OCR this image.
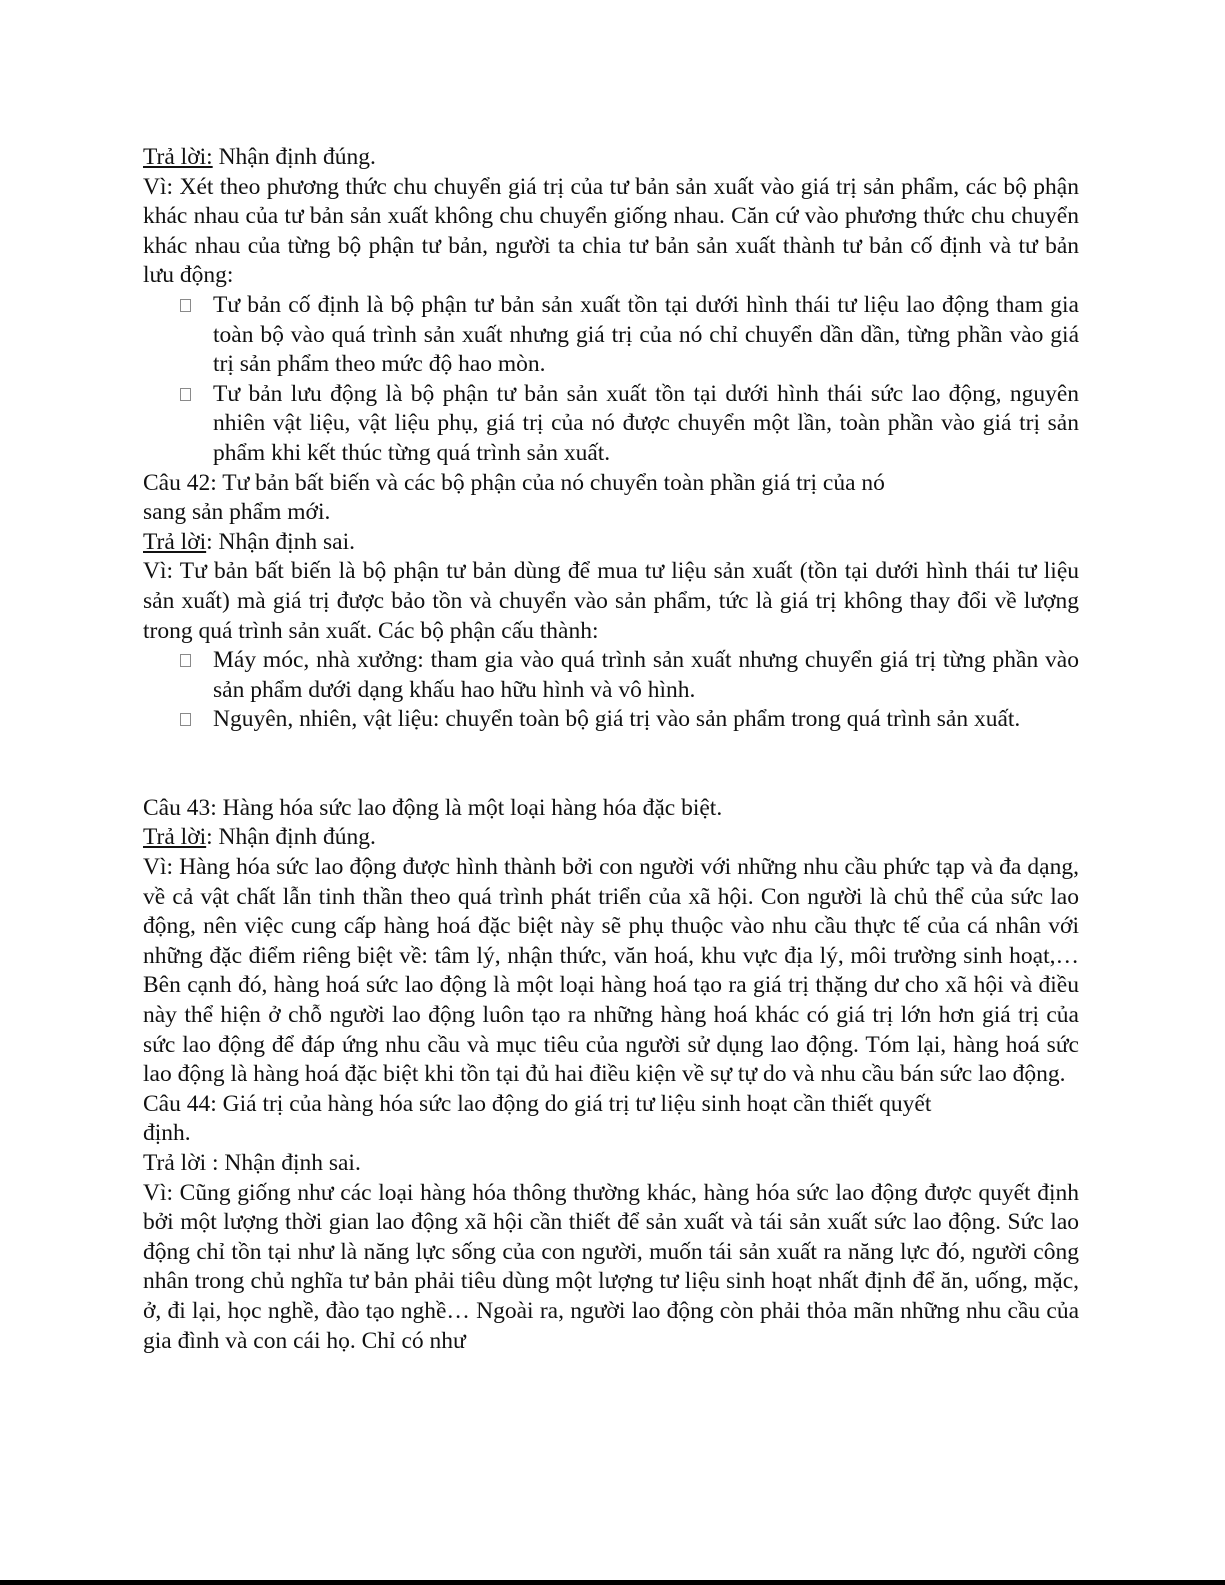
Trả lời: Nhận định đúng.

Vì: Xét theo phương thức chu chuyển giá trị của tư bản sản xuất vào giá trị sản phẩm, các bộ phận khác nhau của tư bản sản xuất không chu chuyển giống nhau. Căn cứ vào phương thức chu chuyển khác nhau của từng bộ phận tư bản, người ta chia tư bản sản xuất thành tư bản cố định và tư bản lưu động:

Tư bản cố định là bộ phận tư bản sản xuất tồn tại dưới hình thái tư liệu lao động tham gia toàn bộ vào quá trình sản xuất nhưng giá trị của nó chỉ chuyển dần dần, từng phần vào giá trị sản phẩm theo mức độ hao mòn.
Tư bản lưu động là bộ phận tư bản sản xuất tồn tại dưới hình thái sức lao động, nguyên nhiên vật liệu, vật liệu phụ, giá trị của nó được chuyển một lần, toàn phần vào giá trị sản phẩm khi kết thúc từng quá trình sản xuất.

Câu 42: Tư bản bất biến và các bộ phận của nó chuyển toàn phần giá trị của nó

sang sản phẩm mới.

Trả lời: Nhận định sai.

Vì: Tư bản bất biến là bộ phận tư bản dùng để mua tư liệu sản xuất (tồn tại dưới hình thái tư liệu sản xuất) mà giá trị được bảo tồn và chuyển vào sản phẩm, tức là giá trị không thay đổi về lượng trong quá trình sản xuất. Các bộ phận cấu thành:

Máy móc, nhà xưởng: tham gia vào quá trình sản xuất nhưng chuyển giá trị từng phần vào sản phẩm dưới dạng khấu hao hữu hình và vô hình.
Nguyên, nhiên, vật liệu: chuyển toàn bộ giá trị vào sản phẩm trong quá trình sản xuất.

Câu 43: Hàng hóa sức lao động là một loại hàng hóa đặc biệt.

Trả lời: Nhận định đúng.

Vì: Hàng hóa sức lao động được hình thành bởi con người với những nhu cầu phức tạp và đa dạng, về cả vật chất lẫn tinh thần theo quá trình phát triển của xã hội. Con người là chủ thể của sức lao động, nên việc cung cấp hàng hoá đặc biệt này sẽ phụ thuộc vào nhu cầu thực tế của cá nhân với những đặc điểm riêng biệt về: tâm lý, nhận thức, văn hoá, khu vực địa lý, môi trường sinh hoạt,…Bên cạnh đó, hàng hoá sức lao động là một loại hàng hoá tạo ra giá trị thặng dư cho xã hội và điều này thể hiện ở chỗ người lao động luôn tạo ra những hàng hoá khác có giá trị lớn hơn giá trị của sức lao động để đáp ứng nhu cầu và mục tiêu của người sử dụng lao động. Tóm lại, hàng hoá sức lao động là hàng hoá đặc biệt khi tồn tại đủ hai điều kiện về sự tự do và nhu cầu bán sức lao động.

Câu 44: Giá trị của hàng hóa sức lao động do giá trị tư liệu sinh hoạt cần thiết quyết

định.

Trả lời : Nhận định sai.

Vì: Cũng giống như các loại hàng hóa thông thường khác, hàng hóa sức lao động được quyết định bởi một lượng thời gian lao động xã hội cần thiết để sản xuất và tái sản xuất sức lao động. Sức lao động chỉ tồn tại như là năng lực sống của con người, muốn tái sản xuất ra năng lực đó, người công nhân trong chủ nghĩa tư bản phải tiêu dùng một lượng tư liệu sinh hoạt nhất định để ăn, uống, mặc, ở, đi lại, học nghề, đào tạo nghề… Ngoài ra, người lao động còn phải thỏa mãn những nhu cầu của gia đình và con cái họ. Chỉ có như
